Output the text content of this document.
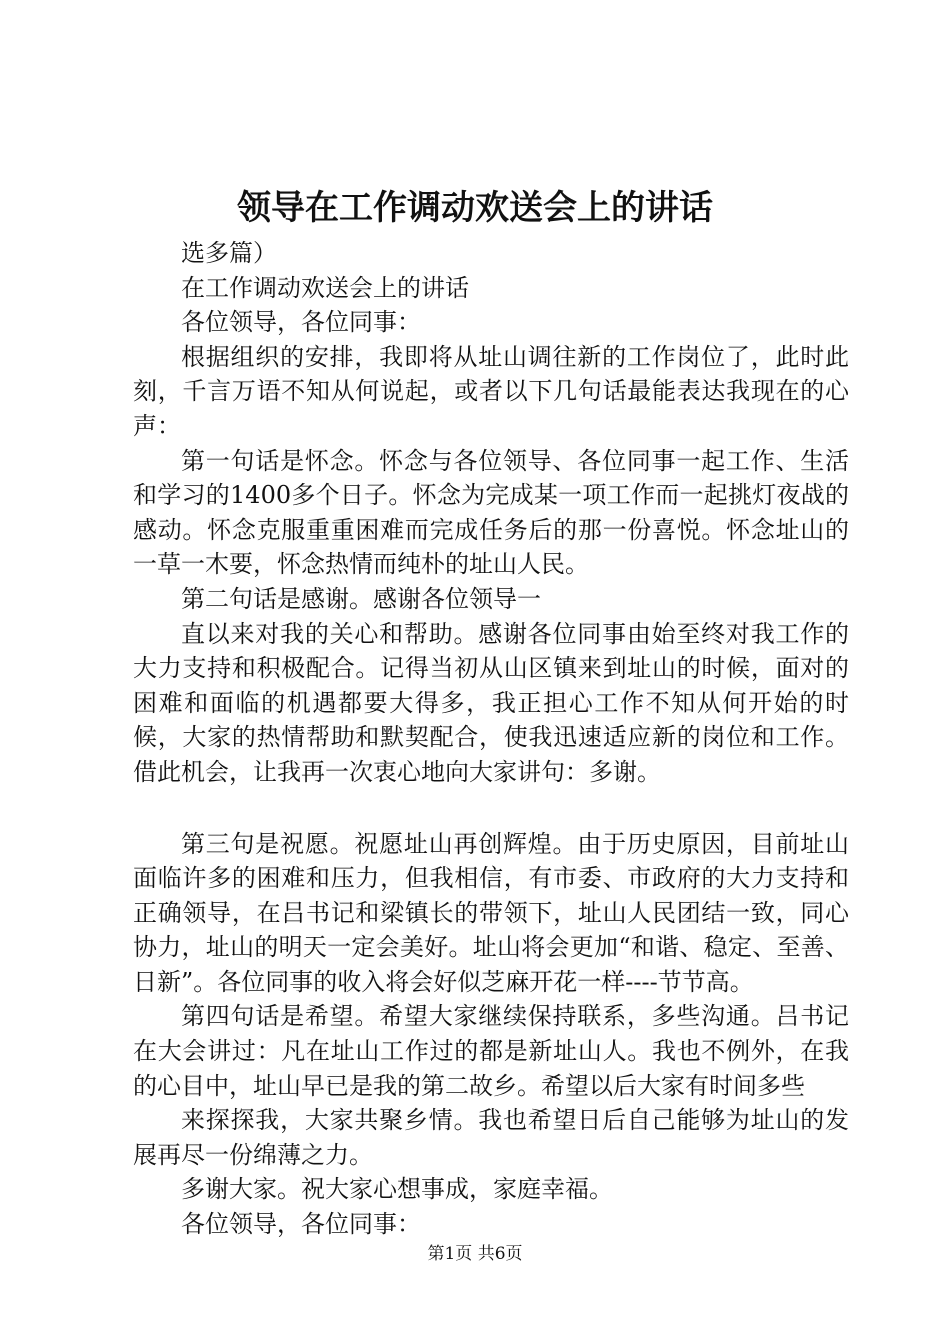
领导在工作调动欢送会上的讲话

选多篇）

在工作调动欢送会上的讲话

各位领导，各位同事：

根据组织的安排，我即将从址山调往新的工作岗位了，此时此刻，千言万语不知从何说起，或者以下几句话最能表达我现在的心声：

第一句话是怀念。怀念与各位领导、各位同事一起工作、生活和学习的1400多个日子。怀念为完成某一项工作而一起挑灯夜战的感动。怀念克服重重困难而完成任务后的那一份喜悦。怀念址山的一草一木要，怀念热情而纯朴的址山人民。

第二句话是感谢。感谢各位领导一

直以来对我的关心和帮助。感谢各位同事由始至终对我工作的大力支持和积极配合。记得当初从山区镇来到址山的时候，面对的困难和面临的机遇都要大得多，我正担心工作不知从何开始的时候，大家的热情帮助和默契配合，使我迅速适应新的岗位和工作。借此机会，让我再一次衷心地向大家讲句：多谢。

第三句是祝愿。祝愿址山再创辉煌。由于历史原因，目前址山面临许多的困难和压力，但我相信，有市委、市政府的大力支持和正确领导，在吕书记和梁镇长的带领下，址山人民团结一致，同心协力，址山的明天一定会美好。址山将会更加“和谐、稳定、至善、日新”。各位同事的收入将会好似芝麻开花一样----节节高。

第四句话是希望。希望大家继续保持联系，多些沟通。吕书记在大会讲过：凡在址山工作过的都是新址山人。我也不例外，在我的心目中，址山早已是我的第二故乡。希望以后大家有时间多些

来探探我，大家共聚乡情。我也希望日后自己能够为址山的发展再尽一份绵薄之力。

多谢大家。祝大家心想事成，家庭幸福。

各位领导，各位同事：

第1页 共6页
